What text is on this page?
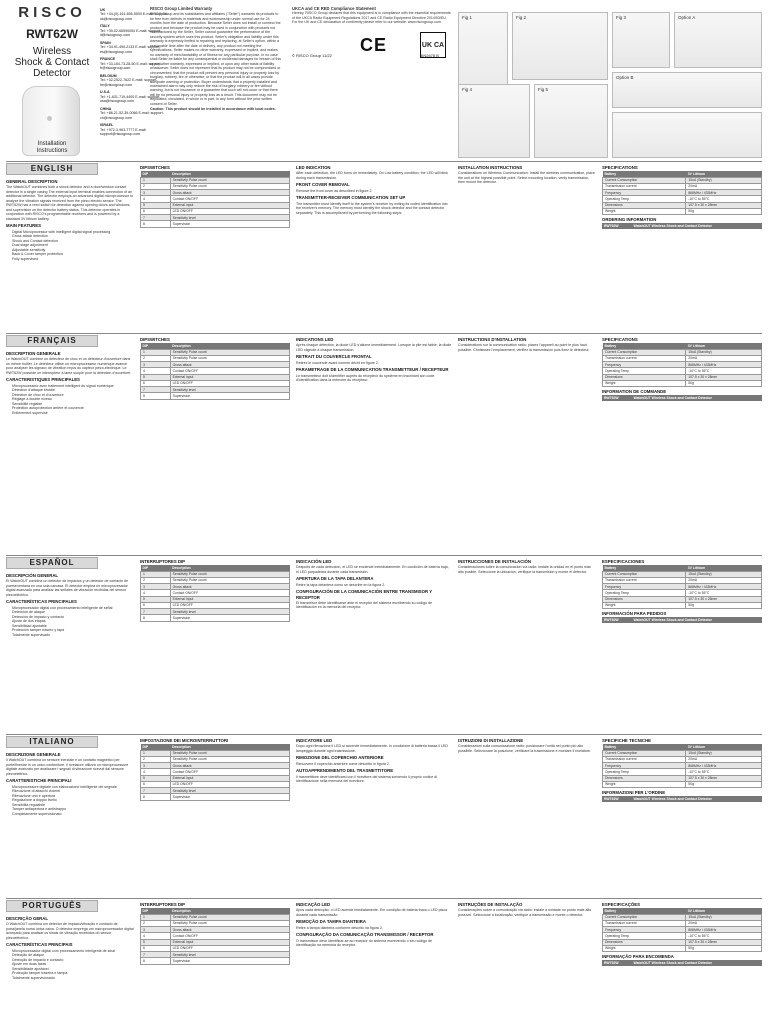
RISCO
RWT62W
Wireless
Shock & Contact
Detector
Installation
Instructions
UK
Tel: +44-(0)-161-655-5500 E-mail: support-uk@riscogroup.com
ITALY
Tel: +39-02-66590054 E-mail: support-it@riscogroup.com
SPAIN
Tel: +34-91-490-2133 E-mail: support-es@riscogroup.com
FRANCE
Tel: +33-164-73-28-50 E-mail: support-fr@riscogroup.com
BELGIUM
Tel: +32-2522-7622 E-mail: support-be@riscogroup.com
U.S.A
Tel: +1-631-719-4400 E-mail: support-usa@riscogroup.com
CHINA
Tel: +86-21-52-39-0066 E-mail: support-cn@riscogroup.com
ISRAEL
Tel: +972-3-963-7777 E-mail: support@riscogroup.com
RISCO Group Limited Warranty

RISCO Group and its subsidiaries and affiliates ("Seller") warrants its products to be free from defects in materials and workmanship under normal use for 24 months from the date of production. Because Seller does not install or connect the product and because the product may be used in conjunction with products not manufactured by the Seller, Seller cannot guarantee the performance of the security system which uses this product. Seller's obligation and liability under this warranty is expressly limited to repairing and replacing, at Seller's option, within a reasonable time after the date of delivery, any product not meeting the specifications. Seller makes no other warranty, expressed or implied, and makes no warranty of merchantability or of fitness for any particular purpose. In no case shall Seller be liable for any consequential or incidental damages for breach of this or any other warranty, expressed or implied, or upon any other basis of liability whatsoever. Seller does not represent that its product may not be compromised or circumvented; that the product will prevent any personal injury or property loss by burglary, robbery, fire or otherwise; or that the product will in all cases provide adequate warning or protection. Buyer understands that a properly installed and maintained alarm may only reduce the risk of burglary, robbery or fire without warning, but is not insurance or a guarantee that such will not occur or that there will be no personal injury or property loss as a result. This document may not be duplicated, circulated, in whole or in part, in any form without the prior written consent of Seller.

Caution: This product should be installed in accordance with local codes.

UKCA and CE RED Compliance Statement

Hereby, RISCO Group declares that this equipment is in compliance with the essential requirements of the UKCA Radio Equipment Regulations 2017 and CE Radio Equipment Directive 2014/53/EU. For the UK and CE declaration of conformity please refer to our website: www.riscogroup.com

CE	UK CA
© RISCO Group 11/22	5IN2678 B
Fig 1	Fig 2	Fig 3	Option A
Option B
Fig 4	Fig 5
ENGLISH
GENERAL DESCRIPTION

The WatchOUT combines both a shock detector and a door/window contact detector in a single casing The external input terminal enables connection of an additional detector. The detector employs an advanced digital microprocessor to analyze the vibration signals received from the piezo electric sensor. The RWT62W has a reed switch for detection against opening doors and windows, and supervision on the detector battery status. This detector operates in conjunction with RISCO's programmable receivers and is powered by a standard 3V lithium battery.

MAIN FEATURES
• Digital Microprocessor with intelligent digital signal processing
• Gross attack detection
• Shock and Contact detection
• Dual stage adjustment
• Adjustable sensitivity
• Back & Cover tamper protection
• Fully supervised
DIPSWITCHES
DIP	Description
1	Sensitivity Pulse count
2	Sensitivity Pulse count
3	Gross attack
4	Contact ON/OFF
5	External input
6	LED ON/OFF
7	Sensitivity level
8	Supervision
LED INDICATION

After each detection, the LED turns on immediately. On Low battery condition, the LED will blink during each transmission.

FRONT COVER REMOVAL

Remove the front cover as described in figure 2.

TRANSMITTER-RECEIVER COMMUNICATION SET UP

The transmitter must identify itself to the system's receiver by writing its coded identification into the receiver's memory. The memory must identify the shock detector and the contact detector separately. This is accomplished by performing the following steps:

INSTALLATION INSTRUCTIONS

Considerations on Wireless Communication: Install the wireless communication, place the unit at the highest possible point. Select mounting location, verify transmission, then mount the detector.

SPECIFICATIONS
Battery	3V Lithium
Current Consumption	15uA (Standby)
Transmission current	20mA
Frequency	868MHz / 433MHz
Operating Temp	-10°C to 55°C
Dimensions	107.5 x 30 x 28mm
Weight	50g
ORDERING INFORMATION
RWT62W	WatchOUT Wireless Shock and Contact Detector
FRANÇAIS
DESCRIPTION GENERALE

Le WatchOUT combine un détecteur de choc et un détecteur d'ouverture dans un même boîtier. Le détecteur utilise un microprocesseur numérique avancé pour analyser les signaux de vibration reçus du capteur piézo-électrique. Le RWT62W possède un interrupteur à lame souple pour la détection d'ouverture.

CARACTERISTIQUES PRINCIPALES
• Microprocesseur avec traitement intelligent du signal numérique
• Détection d'attaque brutale
• Détection de choc et d'ouverture
• Réglage à double niveau
• Sensibilité réglable
• Protection autoprotection arrière et couvercle
• Entièrement supervisé
DIPSWITCHES
DIP	Description
1	Sensitivity Pulse count
2	Sensitivity Pulse count
3	Gross attack
4	Contact ON/OFF
5	External input
6	LED ON/OFF
7	Sensitivity level
8	Supervision
INDICATIONS LED

Après chaque détection, la diode LED s'allume immédiatement. Lorsque la pile est faible, la diode LED clignote à chaque transmission.

RETRAIT DU COUVERCLE FRONTAL

Retirez le couvercle avant comme décrit en figure 2.

PARAMETRAGE DE LA COMMUNICATION TRANSMETTEUR / RECEPTEUR

Le transmetteur doit s'identifier auprès du récepteur du système en inscrivant son code d'identification dans la mémoire du récepteur.

INSTRUCTIONS D'INSTALLATION

Considérations sur la communication radio: placez l'appareil au point le plus haut possible. Choisissez l'emplacement, vérifiez la transmission puis fixez le détecteur.

SPECIFICATIONS
Battery	3V Lithium
Current Consumption	15uA (Standby)
Transmission current	20mA
Frequency	868MHz / 433MHz
Operating Temp	-10°C to 55°C
Dimensions	107.5 x 30 x 28mm
Weight	50g
INFORMATION DE COMMANDE
RWT62W	WatchOUT Wireless Shock and Contact Detector
ESPAÑOL
DESCRIPCIÓN GENERAL

El WatchOUT combina un detector de impactos y un detector de contacto de puerta/ventana en una sola carcasa. El detector emplea un microprocesador digital avanzado para analizar las señales de vibración recibidas del sensor piezoeléctrico.

CARACTERÍSTICAS PRINCIPALES
• Microprocesador digital con procesamiento inteligente de señal
• Detección de ataque
• Detección de impacto y contacto
• Ajuste de dos etapas
• Sensibilidad ajustable
• Protección tamper trasero y tapa
• Totalmente supervisado
INTERRUPTORES DIP
DIP	Description
1	Sensitivity Pulse count
2	Sensitivity Pulse count
3	Gross attack
4	Contact ON/OFF
5	External input
6	LED ON/OFF
7	Sensitivity level
8	Supervision
INDICACIÓN LED

Después de cada detección, el LED se enciende inmediatamente. En condición de batería baja, el LED parpadeará durante cada transmisión.

APERTURA DE LA TAPA DELANTERA

Retire la tapa delantera como se describe en la figura 2.

CONFIGURACIÓN DE LA COMUNICACIÓN ENTRE TRANSMISOR Y RECEPTOR

El transmisor debe identificarse ante el receptor del sistema escribiendo su código de identificación en la memoria del receptor.

INSTRUCCIONES DE INSTALACIÓN

Consideraciones sobre la comunicación vía radio: instale la unidad en el punto más alto posible. Seleccione la ubicación, verifique la transmisión y monte el detector.

ESPECIFICACIONES
Battery	3V Lithium
Current Consumption	15uA (Standby)
Transmission current	20mA
Frequency	868MHz / 433MHz
Operating Temp	-10°C to 55°C
Dimensions	107.5 x 30 x 28mm
Weight	50g
INFORMACIÓN PARA PEDIDOS
RWT62W	WatchOUT Wireless Shock and Contact Detector
ITALIANO
DESCRIZIONE GENERALE

Il WatchOUT combina un sensore inerziale e un contatto magnetico per porte/finestre in un unico contenitore. Il rivelatore utilizza un microprocessore digitale avanzato per analizzare i segnali di vibrazione ricevuti dal sensore piezoelettrico.

CARATTERISTICHE PRINCIPALI
• Microprocessore digitale con elaborazione intelligente del segnale
• Rilevazione di attacchi violenti
• Rilevazione urto e apertura
• Regolazione a doppio livello
• Sensibilità regolabile
• Tamper antiapertura e antistrappo
• Completamente supervisionato
IMPOSTAZIONE DEI MICROINTERRUTTORI
DIP	Description
1	Sensitivity Pulse count
2	Sensitivity Pulse count
3	Gross attack
4	Contact ON/OFF
5	External input
6	LED ON/OFF
7	Sensitivity level
8	Supervision
INDICATORE LED

Dopo ogni rilevazione il LED si accende immediatamente. In condizione di batteria bassa il LED lampeggia durante ogni trasmissione.

RIMOZIONE DEL COPERCHIO ANTERIORE

Rimuovere il coperchio anteriore come descritto in figura 2.

AUTOAPPRENDIMENTO DEL TRASMETTITORE

Il trasmettitore deve identificarsi con il ricevitore del sistema scrivendo il proprio codice di identificazione nella memoria del ricevitore.

ISTRUZIONI DI INSTALLAZIONE

Considerazioni sulla comunicazione radio: posizionare l'unità nel punto più alto possibile. Selezionare la posizione, verificare la trasmissione e montare il rivelatore.

SPECIFICHE TECNICHE
Battery	3V Lithium
Current Consumption	15uA (Standby)
Transmission current	20mA
Frequency	868MHz / 433MHz
Operating Temp	-10°C to 55°C
Dimensions	107.5 x 30 x 28mm
Weight	50g
INFORMAZIONI PER L'ORDINE
RWT62W	WatchOUT Wireless Shock and Contact Detector
PORTUGUÊS
DESCRIÇÃO GERAL

O WatchOUT combina um detector de impacto/vibração e contacto de porta/janela numa única caixa. O detector emprega um microprocessador digital avançado para analisar os sinais de vibração recebidos do sensor piezoeléctrico.

CARACTERÍSTICAS PRINCIPAIS
• Microprocessador digital com processamento inteligente de sinal
• Detecção de ataque
• Detecção de impacto e contacto
• Ajuste em duas fases
• Sensibilidade ajustável
• Protecção tamper traseira e tampa
• Totalmente supervisionado
INTERRUPTORES DIP
DIP	Description
1	Sensitivity Pulse count
2	Sensitivity Pulse count
3	Gross attack
4	Contact ON/OFF
5	External input
6	LED ON/OFF
7	Sensitivity level
8	Supervision
INDICAÇÃO LED

Após cada detecção, o LED acende imediatamente. Em condição de bateria fraca o LED pisca durante cada transmissão.

REMOÇÃO DA TAMPA DIANTEIRA

Retire a tampa dianteira conforme descrito na figura 2.

CONFIGURAÇÃO DA COMUNICAÇÃO TRANSMISSOR / RECEPTOR

O transmissor deve identificar-se ao receptor do sistema escrevendo o seu código de identificação na memória do receptor.

INSTRUÇÕES DE INSTALAÇÃO

Considerações sobre a comunicação via rádio: instale a unidade no ponto mais alto possível. Seleccione a localização, verifique a transmissão e monte o detector.

ESPECIFICAÇÕES
Battery	3V Lithium
Current Consumption	15uA (Standby)
Transmission current	20mA
Frequency	868MHz / 433MHz
Operating Temp	-10°C to 55°C
Dimensions	107.5 x 30 x 28mm
Weight	50g
INFORMAÇÃO PARA ENCOMENDA
RWT62W	WatchOUT Wireless Shock and Contact Detector
